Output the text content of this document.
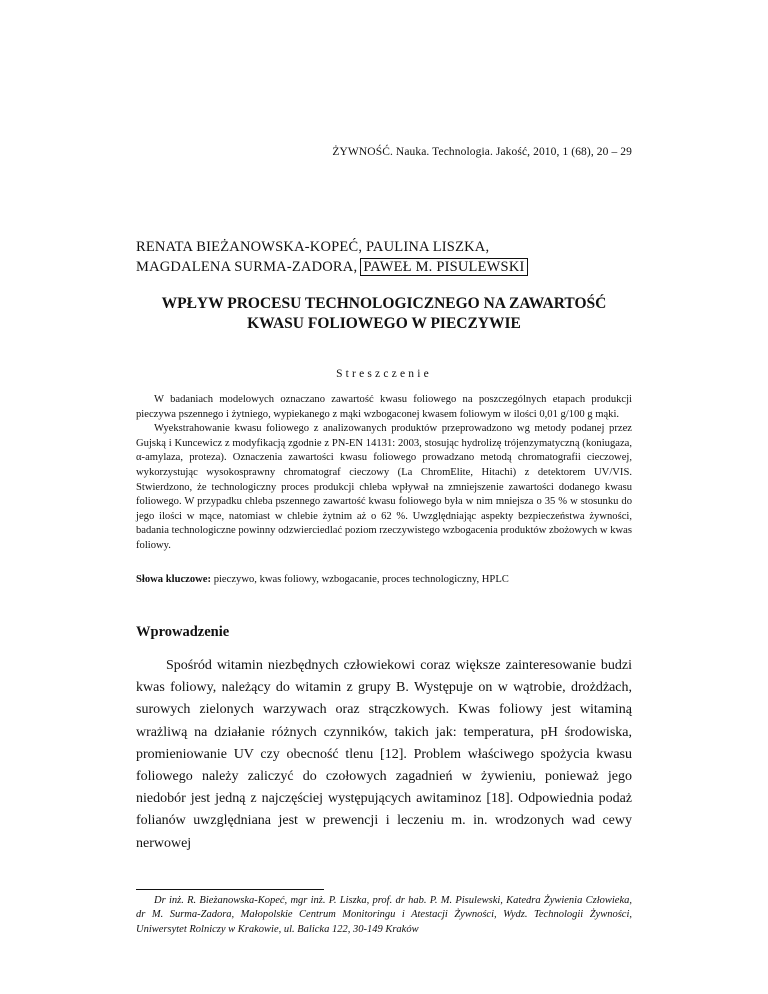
ŻYWNOŚĆ. Nauka. Technologia. Jakość, 2010, 1 (68), 20 – 29
RENATA BIEŻANOWSKA-KOPEĆ, PAULINA LISZKA,
MAGDALENA SURMA-ZADORA, PAWEŁ M. PISULEWSKI
WPŁYW PROCESU TECHNOLOGICZNEGO NA ZAWARTOŚĆ
KWASU FOLIOWEGO W PIECZYWIE
Streszczenie

W badaniach modelowych oznaczano zawartość kwasu foliowego na poszczególnych etapach produkcji pieczywa pszennego i żytniego, wypiekanego z mąki wzbogaconej kwasem foliowym w ilości 0,01 g/100 g mąki.

Wyekstrahowanie kwasu foliowego z analizowanych produktów przeprowadzono wg metody podanej przez Gujską i Kuncewicz z modyfikacją zgodnie z PN-EN 14131: 2003, stosując hydrolizę trójenzymatyczną (koniugaza, α-amylaza, proteza). Oznaczenia zawartości kwasu foliowego prowadzano metodą chromatografii cieczowej, wykorzystując wysokosprawny chromatograf cieczowy (La ChromElite, Hitachi) z detektorem UV/VIS. Stwierdzono, że technologiczny proces produkcji chleba wpływał na zmniejszenie zawartości dodanego kwasu foliowego. W przypadku chleba pszennego zawartość kwasu foliowego była w nim mniejsza o 35 % w stosunku do jego ilości w mące, natomiast w chlebie żytnim aż o 62 %. Uwzględniając aspekty bezpieczeństwa żywności, badania technologiczne powinny odzwierciedlać poziom rzeczywistego wzbogacenia produktów zbożowych w kwas foliowy.

Słowa kluczowe: pieczywo, kwas foliowy, wzbogacanie, proces technologiczny, HPLC
Wprowadzenie

Spośród witamin niezbędnych człowiekowi coraz większe zainteresowanie budzi kwas foliowy, należący do witamin z grupy B. Występuje on w wątrobie, drożdżach, surowych zielonych warzywach oraz strączkowych. Kwas foliowy jest witaminą wrażliwą na działanie różnych czynników, takich jak: temperatura, pH środowiska, promieniowanie UV czy obecność tlenu [12]. Problem właściwego spożycia kwasu foliowego należy zaliczyć do czołowych zagadnień w żywieniu, ponieważ jego niedobór jest jedną z najczęściej występujących awitaminoz [18]. Odpowiednia podaż folianów uwzględniana jest w prewencji i leczeniu m. in. wrodzonych wad cewy nerwowej

Dr inż. R. Bieżanowska-Kopeć, mgr inż. P. Liszka, prof. dr hab. P. M. Pisulewski, Katedra Żywienia Człowieka, dr M. Surma-Zadora, Małopolskie Centrum Monitoringu i Atestacji Żywności, Wydz. Technologii Żywności, Uniwersytet Rolniczy w Krakowie, ul. Balicka 122, 30-149 Kraków
